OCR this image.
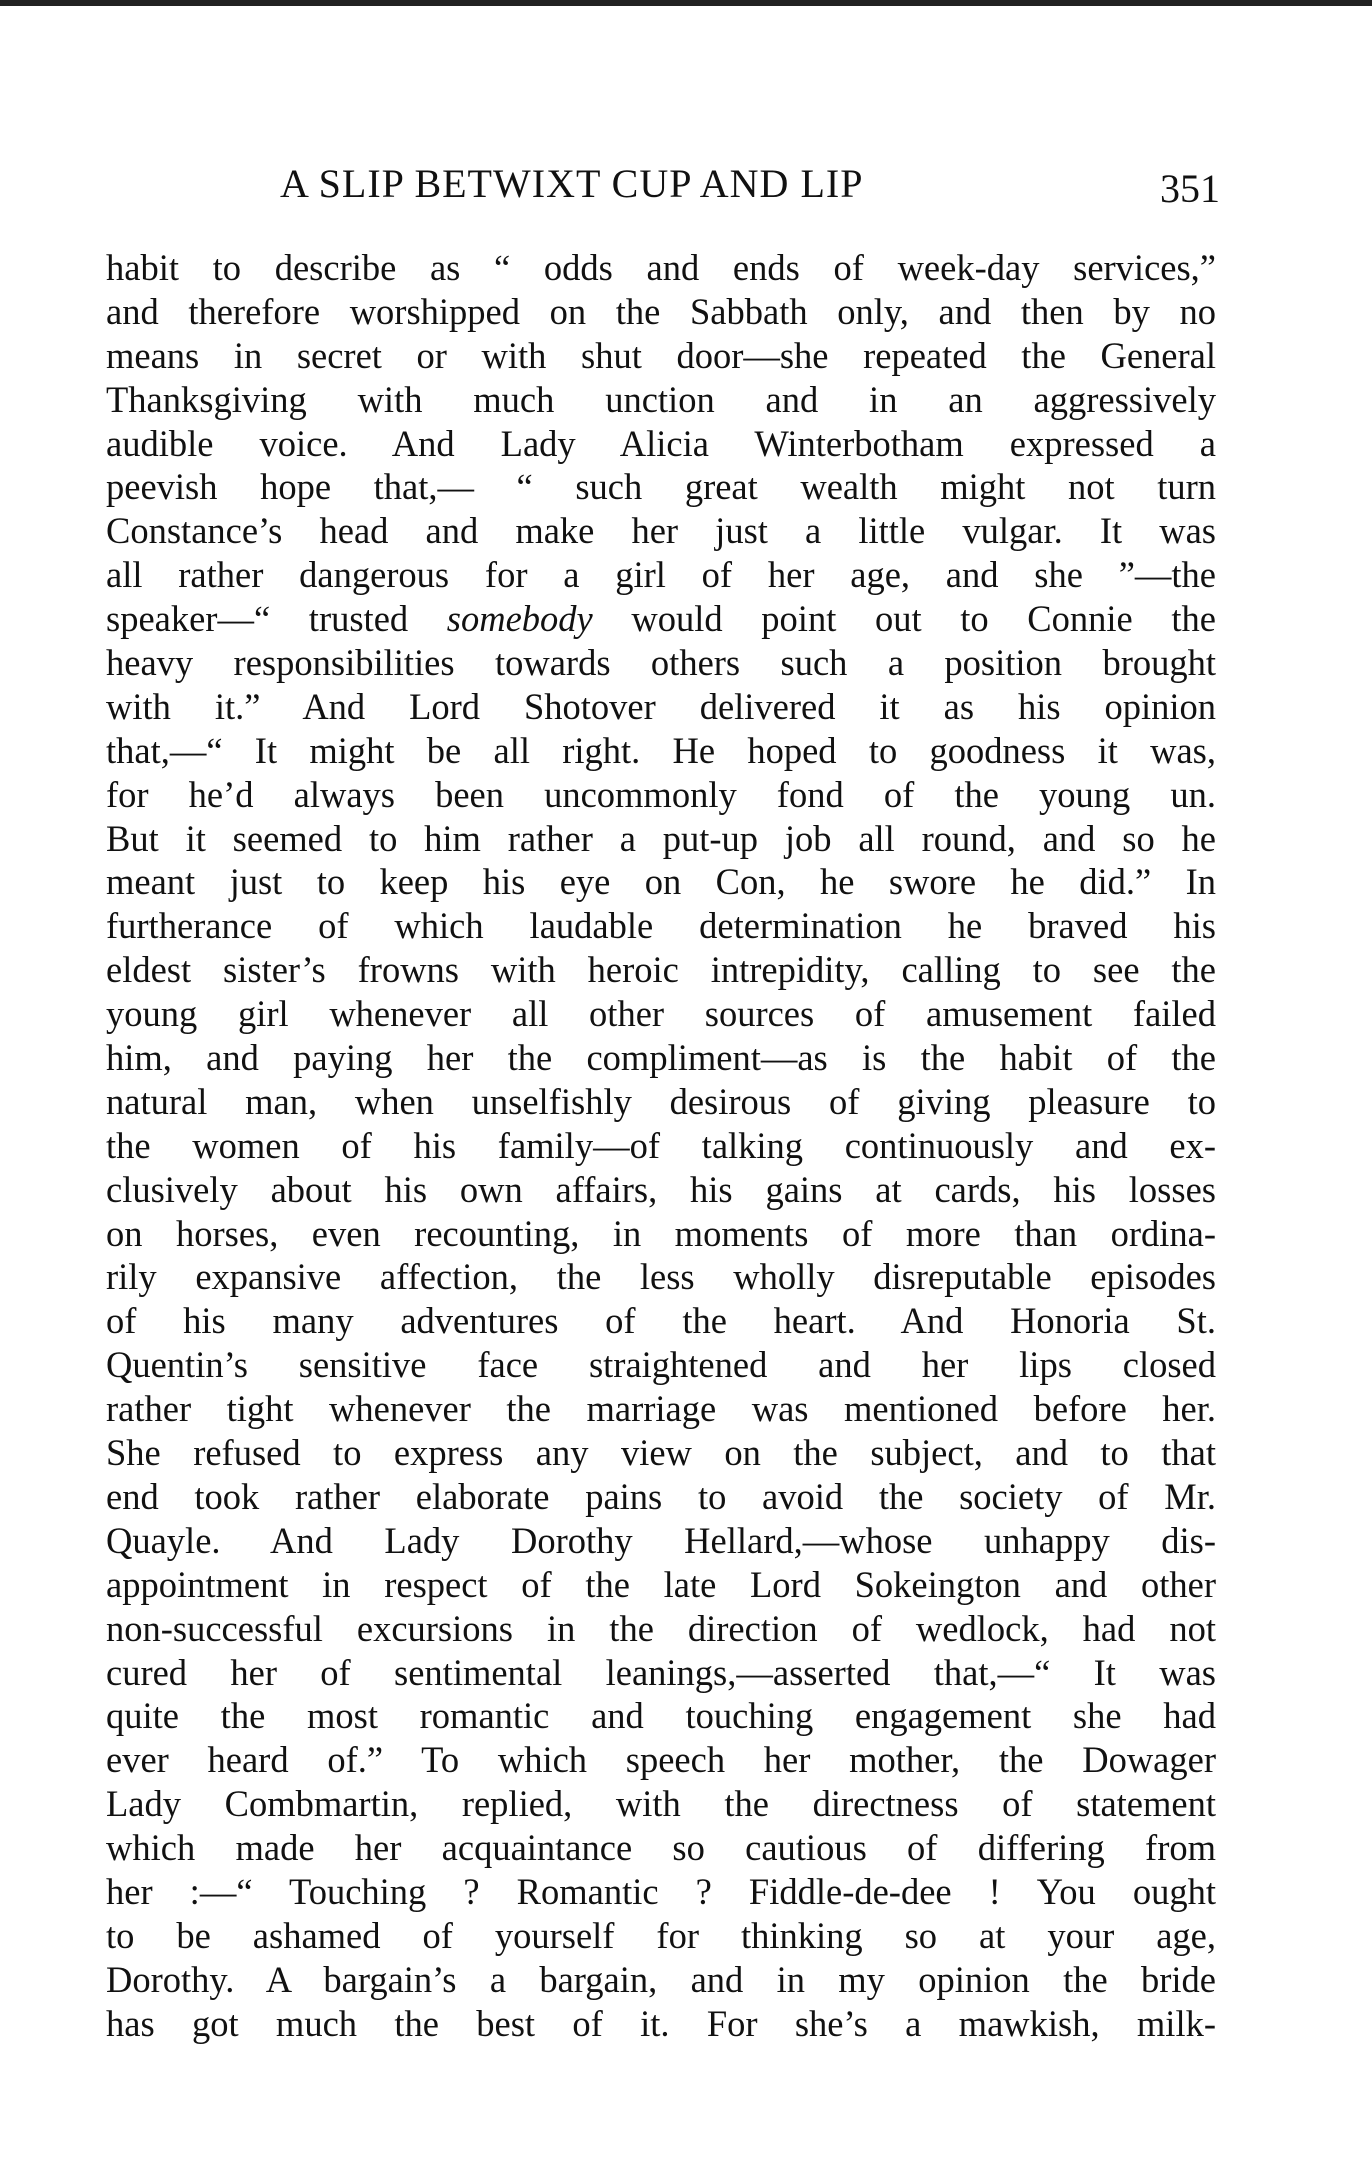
A SLIP BETWIXT CUP AND LIP	351
habit to describe as “ odds and ends of week-day services,”
and therefore worshipped on the Sabbath only, and then by no
means in secret or with shut door—she repeated the General
Thanksgiving with much unction and in an aggressively
audible voice. And Lady Alicia Winterbotham expressed a
peevish hope that,— “ such great wealth might not turn
Constance’s head and make her just a little vulgar. It was
all rather dangerous for a girl of her age, and she ”—the
speaker—“ trusted somebody would point out to Connie the
heavy responsibilities towards others such a position brought
with it.” And Lord Shotover delivered it as his opinion
that,—“ It might be all right. He hoped to goodness it was,
for he’d always been uncommonly fond of the young un.
But it seemed to him rather a put-up job all round, and so he
meant just to keep his eye on Con, he swore he did.” In
furtherance of which laudable determination he braved his
eldest sister’s frowns with heroic intrepidity, calling to see the
young girl whenever all other sources of amusement failed
him, and paying her the compliment—as is the habit of the
natural man, when unselfishly desirous of giving pleasure to
the women of his family—of talking continuously and ex-
clusively about his own affairs, his gains at cards, his losses
on horses, even recounting, in moments of more than ordina-
rily expansive affection, the less wholly disreputable episodes
of his many adventures of the heart. And Honoria St.
Quentin’s sensitive face straightened and her lips closed
rather tight whenever the marriage was mentioned before her.
She refused to express any view on the subject, and to that
end took rather elaborate pains to avoid the society of Mr.
Quayle. And Lady Dorothy Hellard,—whose unhappy dis-
appointment in respect of the late Lord Sokeington and other
non-successful excursions in the direction of wedlock, had not
cured her of sentimental leanings,—asserted that,—“ It was
quite the most romantic and touching engagement she had
ever heard of.” To which speech her mother, the Dowager
Lady Combmartin, replied, with the directness of statement
which made her acquaintance so cautious of differing from
her :—“ Touching ? Romantic ? Fiddle-de-dee ! You ought
to be ashamed of yourself for thinking so at your age,
Dorothy. A bargain’s a bargain, and in my opinion the bride
has got much the best of it. For she’s a mawkish, milk-
